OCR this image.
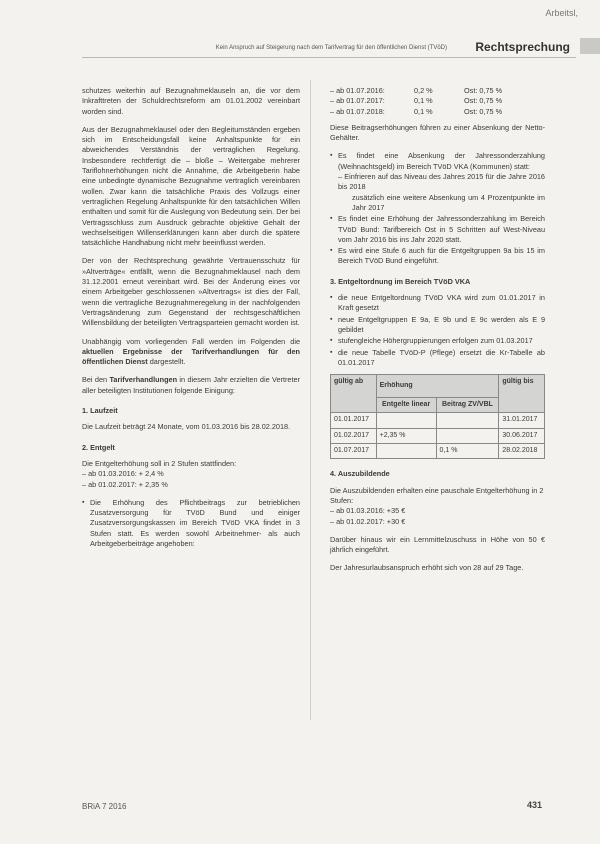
Arbeitsl,
Kein Anspruch auf Steigerung nach dem Tarifvertrag für den öffentlichen Dienst (TVöD) Rechtsprechung

schutzes weiterhin auf Bezugnahmeklauseln an, die vor dem Inkrafttreten der Schuldrechtsreform am 01.01.2002 vereinbart worden sind.

Aus der Bezugnahmeklausel oder den Begleitumständen ergeben sich im Entscheidungsfall keine Anhaltspunkte für ein abweichendes Verständnis der vertraglichen Regelung. Insbesondere rechtfertigt die – bloße – Weitergabe mehrerer Tariflohnerhöhungen nicht die Annahme, die Arbeitgeberin habe eine unbedingte dynamische Bezugnahme vertraglich vereinbaren wollen. Zwar kann die tatsächliche Praxis des Vollzugs einer vertraglichen Regelung Anhaltspunkte für den tatsächlichen Willen enthalten und somit für die Auslegung von Bedeutung sein. Der bei Vertragsschluss zum Ausdruck gebrachte objektive Gehalt der wechselseitigen Willenserklärungen kann aber durch die spätere tatsächliche Handhabung nicht mehr beeinflusst werden.

Der von der Rechtsprechung gewährte Vertrauensschutz für »Altverträge« entfällt, wenn die Bezugnahmeklausel nach dem 31.12.2001 erneut vereinbart wird. Bei der Änderung eines vor einem Arbeitgeber geschlossenen »Altvertrags« ist dies der Fall, wenn die vertragliche Bezugnahmeregelung in der nachfolgenden Vertragsänderung zum Gegenstand der rechtsgeschäftlichen Willensbildung der beteiligten Vertragsparteien gemacht worden ist.

Unabhängig vom vorliegenden Fall werden im Folgenden die aktuellen Ergebnisse der Tarifverhandlungen für den öffentlichen Dienst dargestellt.

Bei den Tarifverhandlungen in diesem Jahr erzielten die Vertreter aller beteiligten Institutionen folgende Einigung:

1. Laufzeit

Die Laufzeit beträgt 24 Monate, vom 01.03.2016 bis 28.02.2018.

2. Entgelt
Die Entgelterhöhung soll in 2 Stufen stattfinden:
– ab 01.03.2016: + 2,4 %
– ab 01.02.2017: + 2,35 %
▪ Die Erhöhung des Pflichtbeitrags zur betrieblichen Zusatzversorgung für TVöD Bund und einiger Zusatzversorgungskassen im Bereich TVöD VKA findet in 3 Stufen statt. Es werden sowohl Arbeitnehmer- als auch Arbeitgeberbeiträge angehoben:
– ab 01.07.2016:	0,2 %	Ost: 0,75 %
– ab 01.07.2017:	0,1 %	Ost: 0,75 %
– ab 01.07.2018:	0,1 %	Ost: 0,75 %

Diese Beitragserhöhungen führen zu einer Absenkung der Netto-Gehälter.

▪ Es findet eine Absenkung der Jahressonderzahlung (Weihnachtsgeld) im Bereich TVöD VKA (Kommunen) statt:
– Einfrieren auf das Niveau des Jahres 2015 für die Jahre 2016 bis 2018
zusätzlich eine weitere Absenkung um 4 Prozentpunkte im Jahr 2017
▪ Es findet eine Erhöhung der Jahressonderzahlung im Bereich TVöD Bund: Tarifbereich Ost in 5 Schritten auf West-Niveau vom Jahr 2016 bis ins Jahr 2020 statt.
▪ Es wird eine Stufe 6 auch für die Entgeltgruppen 9a bis 15 im Bereich TVöD Bund eingeführt.
3. Entgeltordnung im Bereich TVöD VKA
▪ die neue Entgeltordnung TVöD VKA wird zum 01.01.2017 in Kraft gesetzt
▪ neue Entgeltgruppen E 9a, E 9b und E 9c werden als E 9 gebildet
▪ stufengleiche Höhergruppierungen erfolgen zum 01.03.2017
▪ die neue Tabelle TVöD-P (Pflege) ersetzt die Kr-Tabelle ab 01.01.2017
gültig ab	Erhöhung		gültig bis
	Entgelte linear	Beitrag ZV/VBL	
01.01.2017			31.01.2017
01.02.2017	+2,35 %		30.06.2017
01.07.2017		0,1 %	28.02.2018
4. Auszubildende
Die Auszubildenden erhalten eine pauschale Entgelterhöhung in 2 Stufen:
– ab 01.03.2016: +35 €
– ab 01.02.2017: +30 €

Darüber hinaus wir ein Lernmittelzuschuss in Höhe von 50 € jährlich eingeführt.

Der Jahresurlaubsanspruch erhöht sich von 28 auf 29 Tage.

BRiA 7 2016	431
